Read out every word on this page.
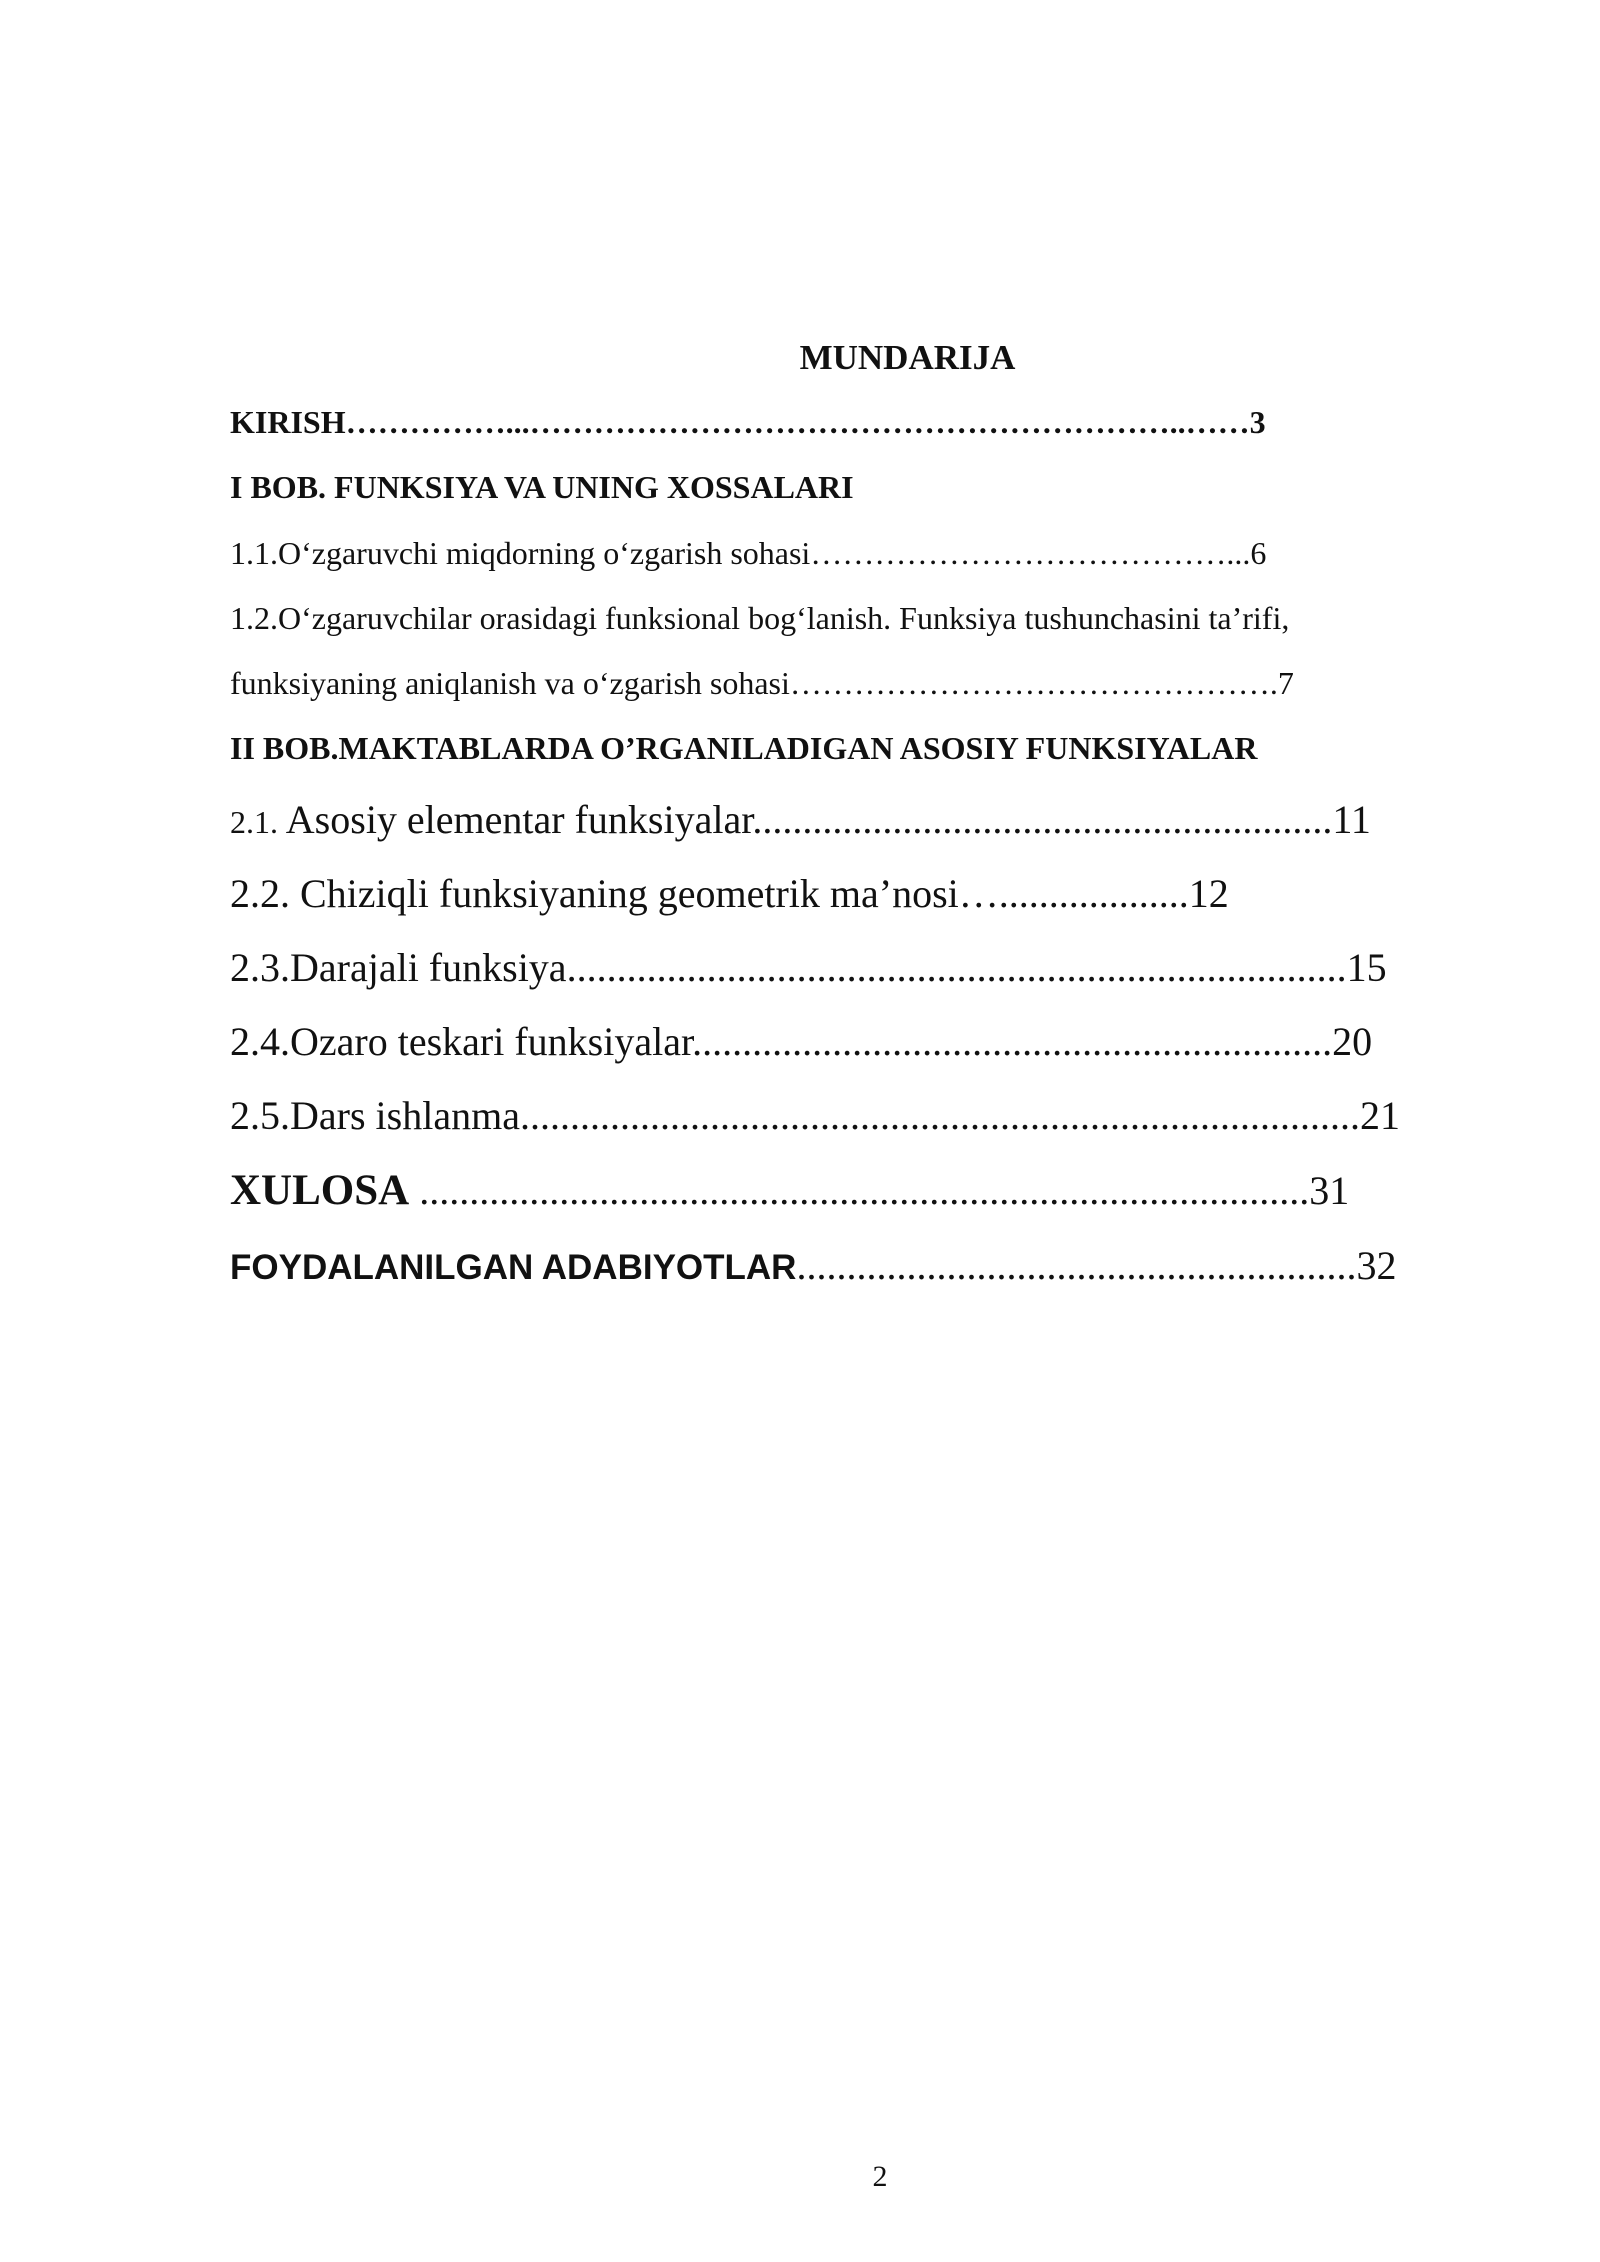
MUNDARIJA
KIRISH……………...……………………………………………………..……3
I BOB. FUNKSIYA VA UNING XOSSALARI
1.1.O‘zgaruvchi miqdorning o‘zgarish sohasi…………………………………...6
1.2.O‘zgaruvchilar orasidagi funksional bog‘lanish. Funksiya tushunchasini ta’rifi,
funksiyaning aniqlanish va o‘zgarish sohasi……………………………………….7
II BOB.MAKTABLARDA O’RGANILADIGAN ASOSIY FUNKSIYALAR
2.1. Asosiy elementar funksiyalar..........................................................11
2.2. Chiziqli funksiyaning geometrik ma’nosi…...................12
2.3.Darajali funksiya..............................................................................15
2.4.Ozaro teskari funksiyalar................................................................20
2.5.Dars ishlanma....................................................................................21
XULOSA .........................................................................................31
FOYDALANILGAN ADABIYOTLAR........................................................32
2
